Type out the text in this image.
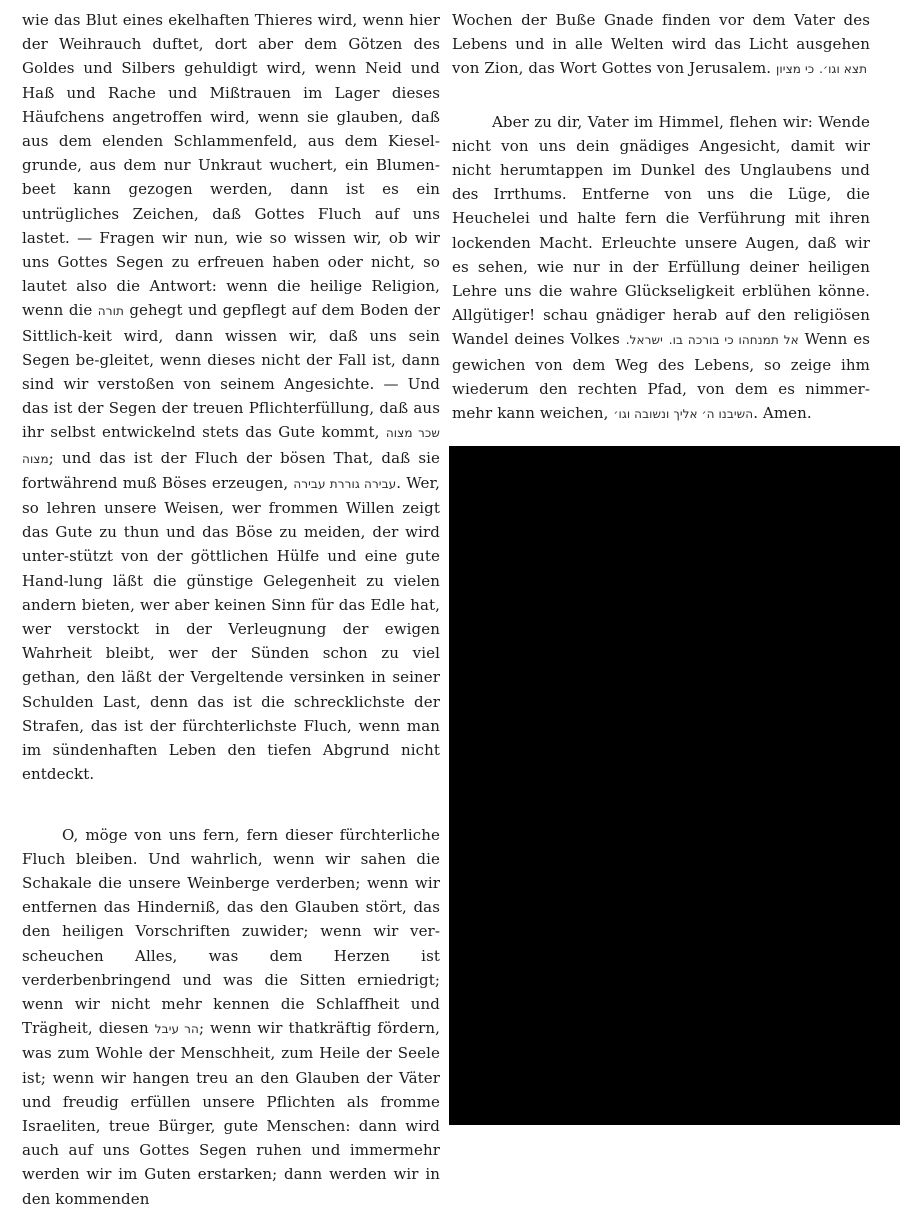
wie das Blut eines ekelhaften Thieres wird, wenn hier der Weihrauch duftet, dort aber dem Götzen des Goldes und Silbers gehuldigt wird, wenn Neid und Haß und Rache und Mißtrauen im Lager dieses Häufchens angetroffen wird, wenn sie glauben, daß aus dem elenden Schlammenfeld, aus dem Kiesel-grunde, aus dem nur Unkraut wuchert, ein Blumen-beet kann gezogen werden, dann ist es ein untrügliches Zeichen, daß Gottes Fluch auf uns lastet. — Fragen wir nun, wie so wissen wir, ob wir uns Gottes Segen zu erfreuen haben oder nicht, so lautet also die Antwort: wenn die heilige Religion, wenn die תורה gehegt und gepflegt auf dem Boden der Sittlich-keit wird, dann wissen wir, daß uns sein Segen be-gleitet, wenn dieses nicht der Fall ist, dann sind wir verstoßen von seinem Angesichte. — Und das ist der Segen der treuen Pflichterfüllung, daß aus ihr selbst entwickelnd stets das Gute kommt, שכר מצוה מצוה; und das ist der Fluch der bösen That, daß sie fortwährend muß Böses erzeugen, עבירה גוררת עבירה. Wer, so lehren unsere Weisen, wer frommen Willen zeigt das Gute zu thun und das Böse zu meiden, der wird unter-stützt von der göttlichen Hülfe und eine gute Hand-lung läßt die günstige Gelegenheit zu vielen andern bieten, wer aber keinen Sinn für das Edle hat, wer verstockt in der Verleugnung der ewigen Wahrheit bleibt, wer der Sünden schon zu viel gethan, den läßt der Vergeltende versinken in seiner Schulden Last, denn das ist die schrecklichste der Strafen, das ist der fürchterlichste Fluch, wenn man im sündenhaften Leben den tiefen Abgrund nicht entdeckt.

O, möge von uns fern, fern dieser fürchterliche Fluch bleiben. Und wahrlich, wenn wir sahen die Schakale die unsere Weinberge verderben; wenn wir entfernen das Hinderniß, das den Glauben stört, das den heiligen Vorschriften zuwider; wenn wir ver-scheuchen Alles, was dem Herzen ist verderbenbringend und was die Sitten erniedrigt; wenn wir nicht mehr kennen die Schlaffheit und Trägheit, diesen הר עיבל; wenn wir thatkräftig fördern, was zum Wohle der Menschheit, zum Heile der Seele ist; wenn wir hangen treu an den Glauben der Väter und freudig erfüllen unsere Pflichten als fromme Israeliten, treue Bürger, gute Menschen: dann wird auch auf uns Gottes Segen ruhen und immermehr werden wir im Guten erstarken; dann werden wir in den kommenden

Wochen der Buße Gnade finden vor dem Vater des Lebens und in alle Welten wird das Licht ausgehen von Zion, das Wort Gottes von Jerusalem. כי מציון תצא וגו׳.

Aber zu dir, Vater im Himmel, flehen wir: Wende nicht von uns dein gnädiges Angesicht, damit wir nicht herumtappen im Dunkel des Unglaubens und des Irrthums. Entferne von uns die Lüge, die Heuchelei und halte fern die Verführung mit ihren lockenden Macht. Erleuchte unsere Augen, daß wir es sehen, wie nur in der Erfüllung deiner heiligen Lehre uns die wahre Glückseligkeit erblühen könne. Allgütiger! schau gnädiger herab auf den religiösen Wandel deines Volkes ישראל. אל תמנחהו כי בורכה בו. Wenn es gewichen von dem Weg des Lebens, so zeige ihm wiederum den rechten Pfad, von dem es nimmer-mehr kann weichen, השיבנו ה׳ אליך ונשובה וגו׳. Amen.
